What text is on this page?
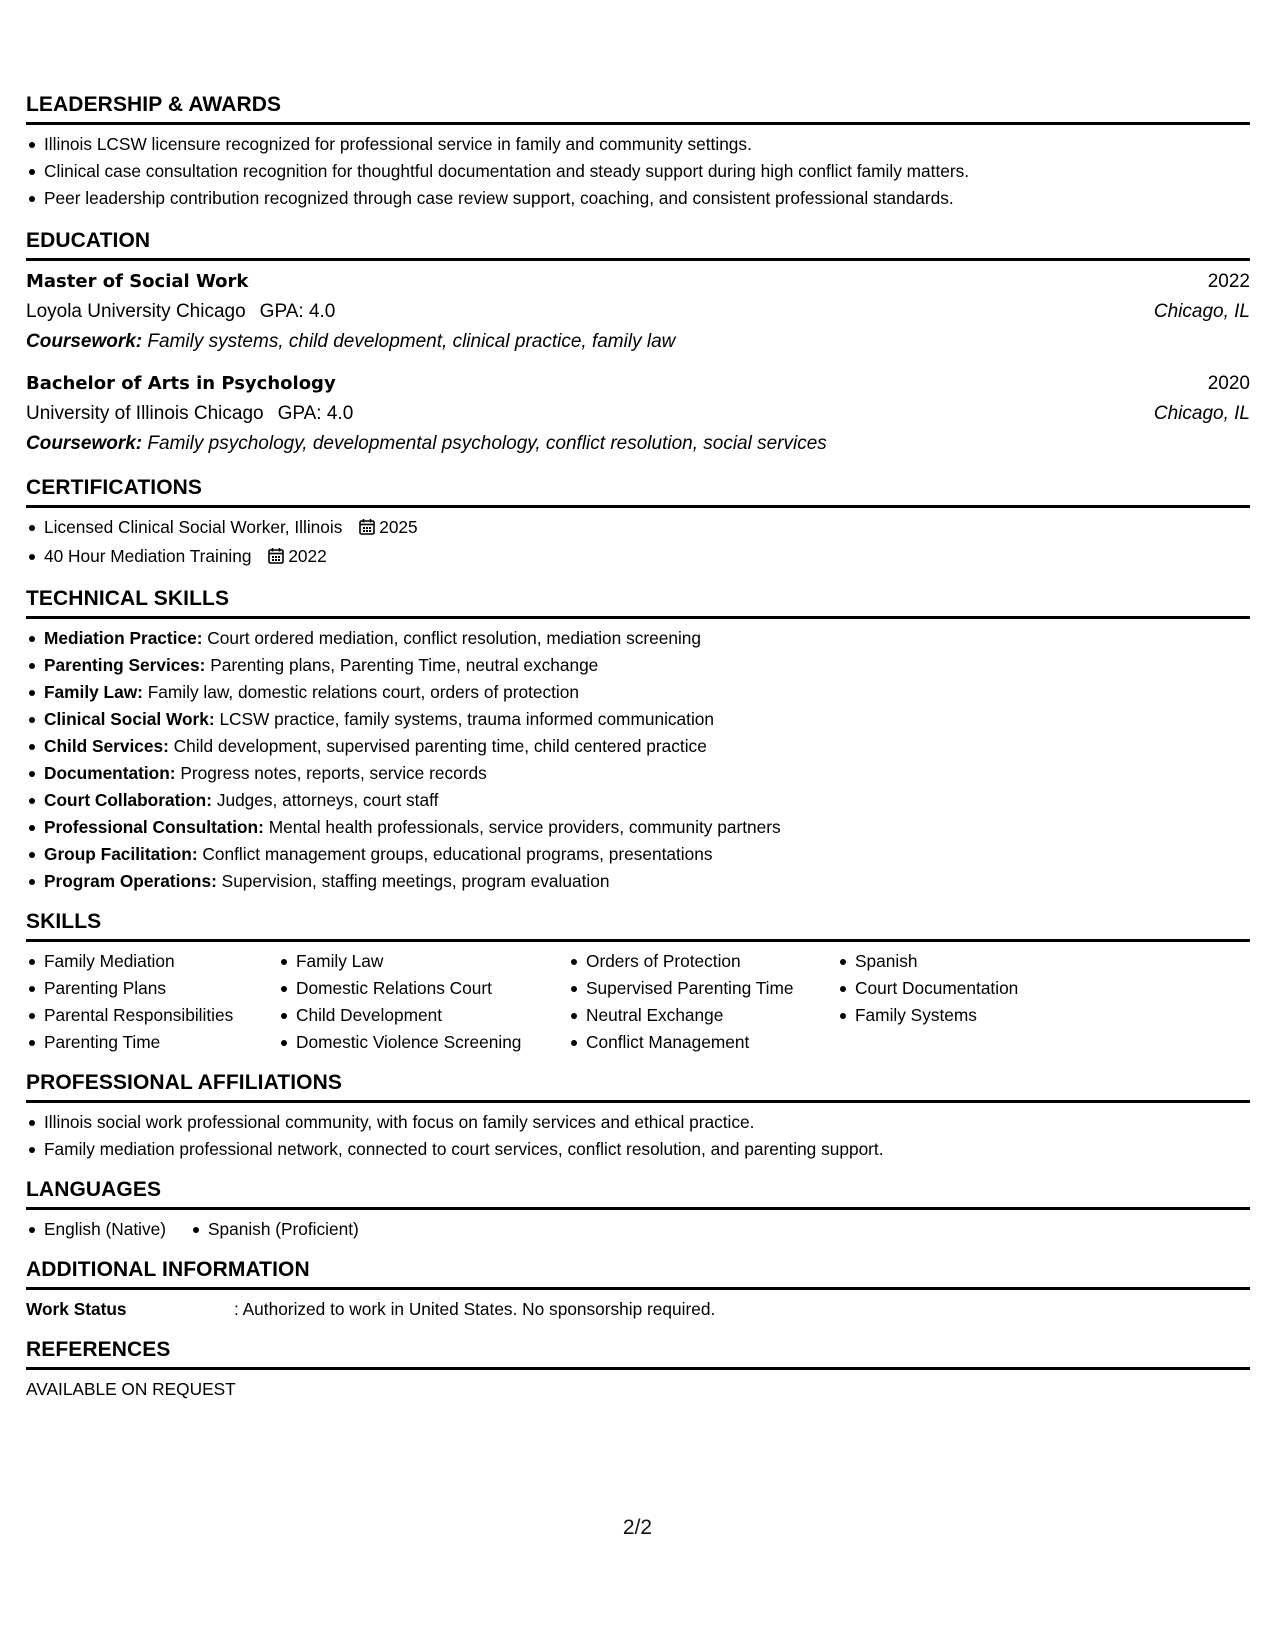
LEADERSHIP & AWARDS
Illinois LCSW licensure recognized for professional service in family and community settings.
Clinical case consultation recognition for thoughtful documentation and steady support during high conflict family matters.
Peer leadership contribution recognized through case review support, coaching, and consistent professional standards.
EDUCATION
Master of Social Work	2022
Loyola University Chicago GPA: 4.0	Chicago, IL
Coursework: Family systems, child development, clinical practice, family law
Bachelor of Arts in Psychology	2020
University of Illinois Chicago GPA: 4.0	Chicago, IL
Coursework: Family psychology, developmental psychology, conflict resolution, social services
CERTIFICATIONS
Licensed Clinical Social Worker, Illinois 2025
40 Hour Mediation Training 2022
TECHNICAL SKILLS
Mediation Practice: Court ordered mediation, conflict resolution, mediation screening
Parenting Services: Parenting plans, Parenting Time, neutral exchange
Family Law: Family law, domestic relations court, orders of protection
Clinical Social Work: LCSW practice, family systems, trauma informed communication
Child Services: Child development, supervised parenting time, child centered practice
Documentation: Progress notes, reports, service records
Court Collaboration: Judges, attorneys, court staff
Professional Consultation: Mental health professionals, service providers, community partners
Group Facilitation: Conflict management groups, educational programs, presentations
Program Operations: Supervision, staffing meetings, program evaluation
SKILLS
Family Mediation
Parenting Plans
Parental Responsibilities
Parenting Time
Family Law
Domestic Relations Court
Child Development
Domestic Violence Screening
Orders of Protection
Supervised Parenting Time
Neutral Exchange
Conflict Management
Spanish
Court Documentation
Family Systems
PROFESSIONAL AFFILIATIONS
Illinois social work professional community, with focus on family services and ethical practice.
Family mediation professional network, connected to court services, conflict resolution, and parenting support.
LANGUAGES
English (Native)	Spanish (Proficient)
ADDITIONAL INFORMATION
Work Status	: Authorized to work in United States. No sponsorship required.
REFERENCES
AVAILABLE ON REQUEST
2/2
